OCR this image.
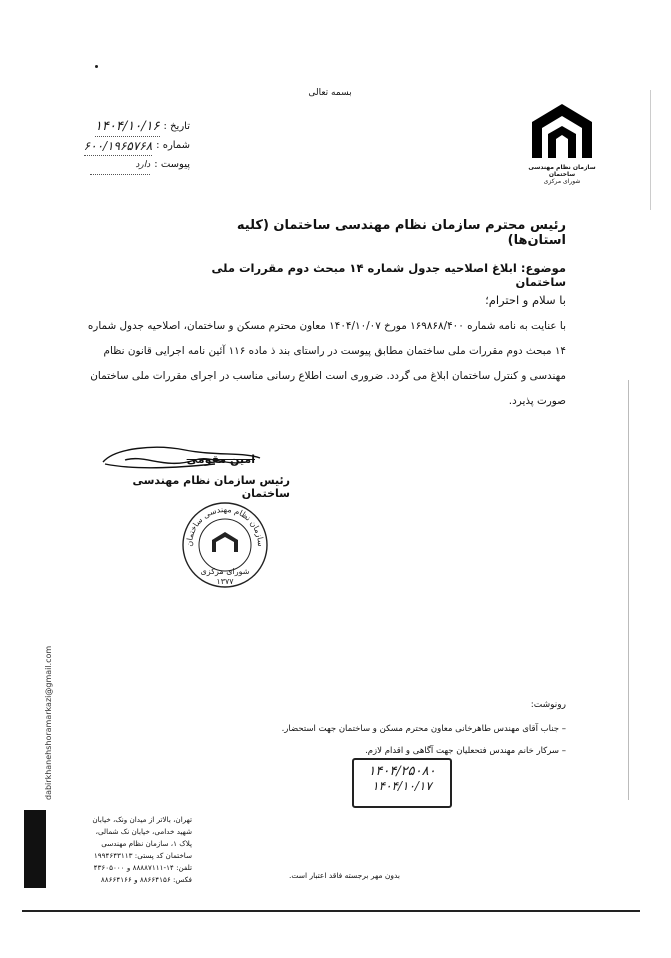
بسمه تعالی
سازمان نظام مهندسی ساختمان
شورای مرکزی
تاریخ :
۱۴۰۴/۱۰/۱۶
شماره :
۶۰۰/۱۹۶۵۷۶۸
پیوست :
دارد
رئیس محترم سازمان نظام مهندسی ساختمان (کلیه استان‌ها)
موضوع: ابلاغ اصلاحیه جدول شماره ۱۴ مبحث دوم مقررات ملی ساختمان
با سلام و احترام؛
با عنایت به نامه شماره ۱۶۹۸۶۸/۴۰۰ مورخ ۱۴۰۴/۱۰/۰۷ معاون محترم مسکن و ساختمان، اصلاحیه جدول شماره
۱۴ مبحث دوم مقررات ملی ساختمان مطابق پیوست در راستای بند ذ ماده ۱۱۶ آئین نامه اجرایی قانون نظام
مهندسی و کنترل ساختمان ابلاغ می گردد. ضروری است اطلاع رسانی مناسب در اجرای مقررات ملی ساختمان
صورت پذیرد.
امین مقومی
رئیس سازمان نظام مهندسی ساختمان
سازمان نظام مهندسی ساختمان
شورای مرکزی
۱۳۷۷
dabirkhanehshoramarkazi@gmail.com	رونوشت:
– جناب آقای مهندس طاهرخانی معاون محترم مسکن و ساختمان جهت استحضار.
– سرکار خانم مهندس فتحعلیان جهت آگاهی و اقدام لازم.
۱۴۰۴/۲۵۰۸۰
۱۴۰۴/۱۰/۱۷
تهران، بالاتر از میدان ونک، خیابان
شهید خدامی، خیابان نک شمالی،
پلاک ۱، سازمان نظام مهندسی
ساختمان کد پستی: ۱۹۹۴۶۴۳۱۱۳
تلفن: ۱۴-۸۸۸۸۷۱۱۱ و ۴۳۶۰۵۰۰۰
فکس: ۸۸۶۶۴۱۵۶ و ۸۸۶۶۴۱۶۶	بدون مهر برجسته فاقد اعتبار است.
